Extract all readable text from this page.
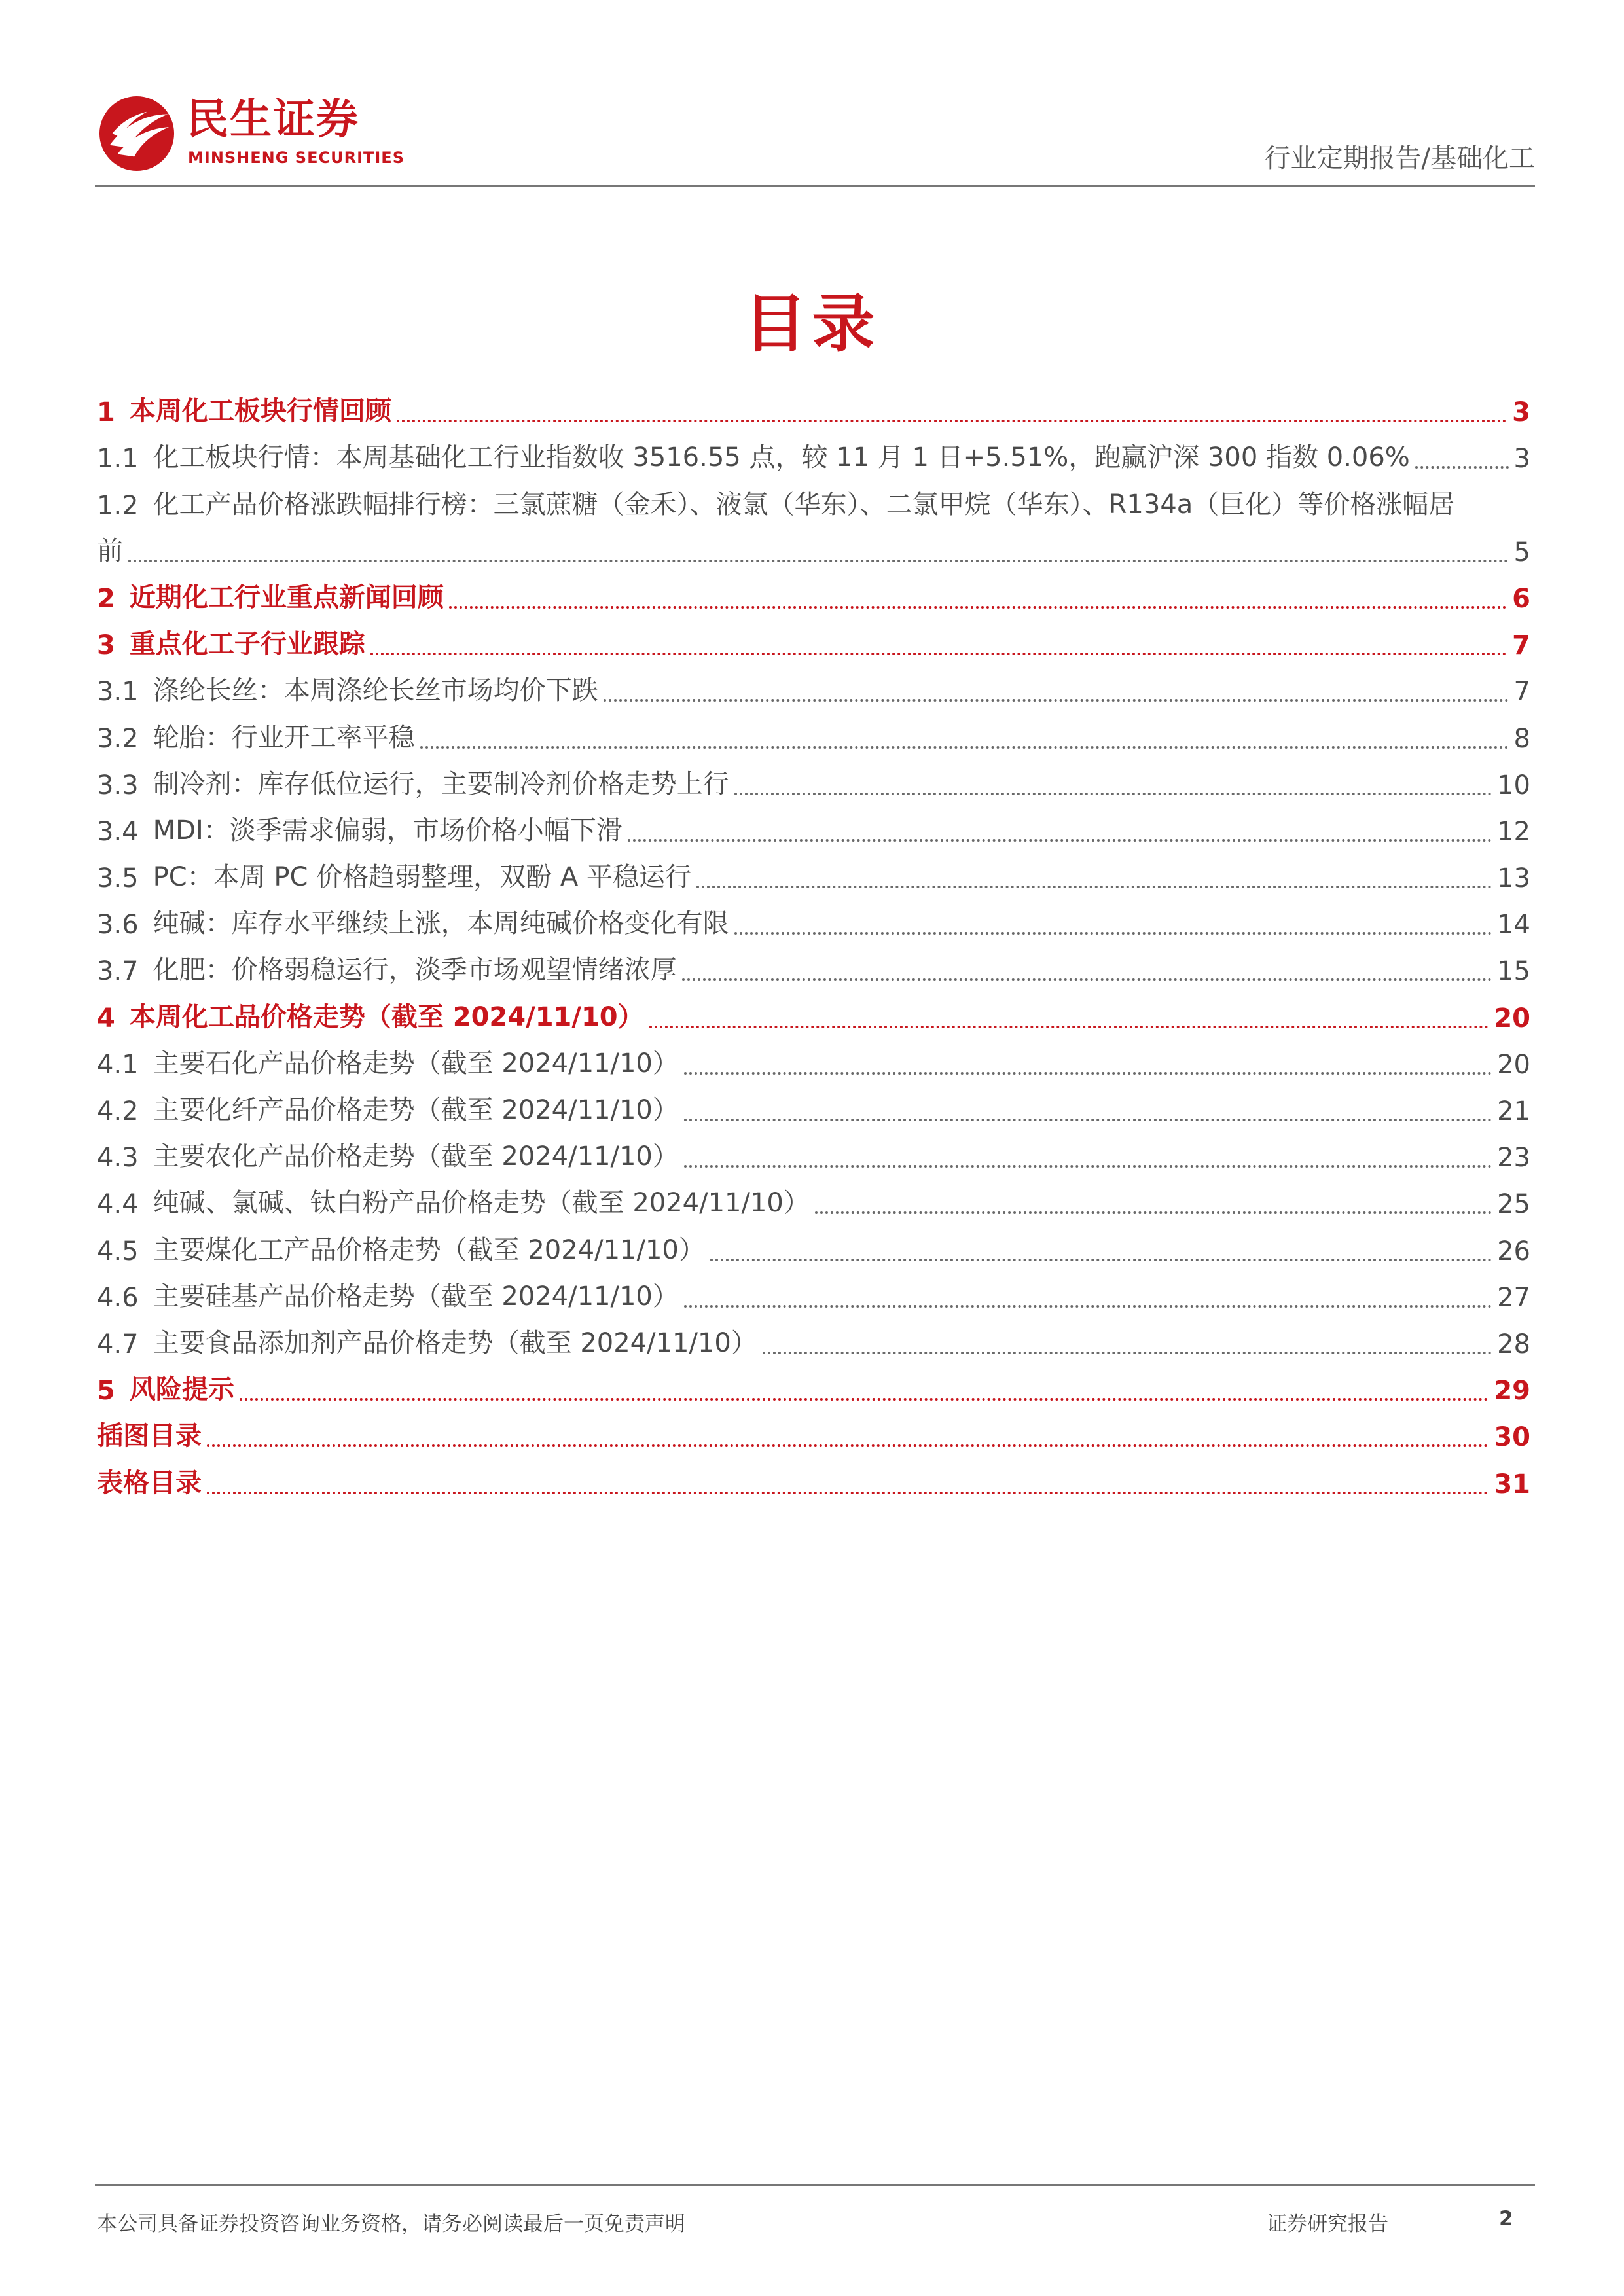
民生证券
MINSHENG SECURITIES	行业定期报告/基础化工
目录
1 本周化工板块行情回顾	3
1.1 化工板块行情：本周基础化工行业指数收 3516.55 点，较 11 月 1 日+5.51%，跑赢沪深 300 指数 0.06%	3
1.2 化工产品价格涨跌幅排行榜：三氯蔗糖（金禾）、液氯（华东）、二氯甲烷（华东）、R134a（巨化）等价格涨幅居
前	5
2 近期化工行业重点新闻回顾	6
3 重点化工子行业跟踪	7
3.1 涤纶长丝：本周涤纶长丝市场均价下跌	7
3.2 轮胎：行业开工率平稳	8
3.3 制冷剂：库存低位运行，主要制冷剂价格走势上行	10
3.4 MDI：淡季需求偏弱，市场价格小幅下滑	12
3.5 PC：本周 PC 价格趋弱整理，双酚 A 平稳运行	13
3.6 纯碱：库存水平继续上涨，本周纯碱价格变化有限	14
3.7 化肥：价格弱稳运行，淡季市场观望情绪浓厚	15
4 本周化工品价格走势（截至 2024/11/10）	20
4.1 主要石化产品价格走势（截至 2024/11/10）	20
4.2 主要化纤产品价格走势（截至 2024/11/10）	21
4.3 主要农化产品价格走势（截至 2024/11/10）	23
4.4 纯碱、氯碱、钛白粉产品价格走势（截至 2024/11/10）	25
4.5 主要煤化工产品价格走势（截至 2024/11/10）	26
4.6 主要硅基产品价格走势（截至 2024/11/10）	27
4.7 主要食品添加剂产品价格走势（截至 2024/11/10）	28
5 风险提示	29
插图目录	30
表格目录	31
本公司具备证券投资咨询业务资格，请务必阅读最后一页免责声明	证券研究报告	2
